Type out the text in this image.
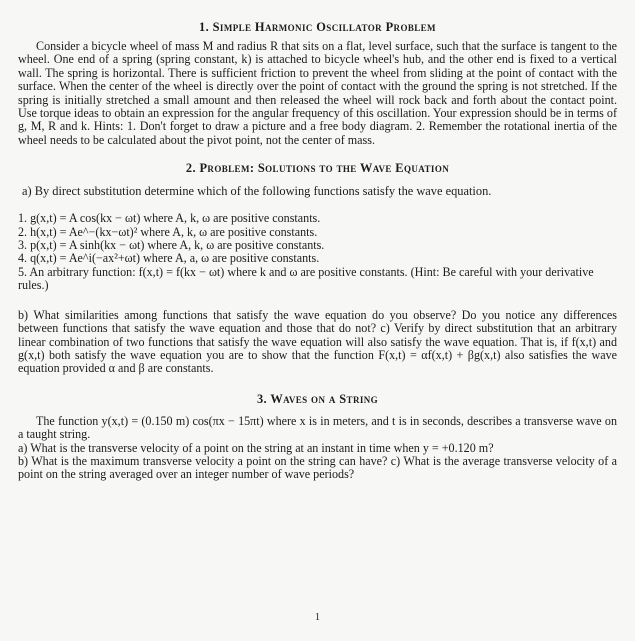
1. Simple Harmonic Oscillator Problem

Consider a bicycle wheel of mass M and radius R that sits on a flat, level surface, such that the surface is tangent to the wheel. One end of a spring (spring constant, k) is attached to bicycle wheel's hub, and the other end is fixed to a vertical wall. The spring is horizontal. There is sufficient friction to prevent the wheel from sliding at the point of contact with the surface. When the center of the wheel is directly over the point of contact with the ground the spring is not stretched. If the spring is initially stretched a small amount and then released the wheel will rock back and forth about the contact point. Use torque ideas to obtain an expression for the angular frequency of this oscillation. Your expression should be in terms of g, M, R and k. Hints: 1. Don't forget to draw a picture and a free body diagram. 2. Remember the rotational inertia of the wheel needs to be calculated about the pivot point, not the center of mass.

2. Problem: Solutions to the Wave Equation

a) By direct substitution determine which of the following functions satisfy the wave equation.

1. g(x,t) = A cos(kx − ωt) where A, k, ω are positive constants.
2. h(x,t) = Ae^−(kx−ωt)² where A, k, ω are positive constants.
3. p(x,t) = A sinh(kx − ωt) where A, k, ω are positive constants.
4. q(x,t) = Ae^i(−ax²+ωt) where A, a, ω are positive constants.
5. An arbitrary function: f(x,t) = f(kx − ωt) where k and ω are positive constants. (Hint: Be careful with your derivative rules.)

b) What similarities among functions that satisfy the wave equation do you observe? Do you notice any differences between functions that satisfy the wave equation and those that do not? c) Verify by direct substitution that an arbitrary linear combination of two functions that satisfy the wave equation will also satisfy the wave equation. That is, if f(x,t) and g(x,t) both satisfy the wave equation you are to show that the function F(x,t) = αf(x,t) + βg(x,t) also satisfies the wave equation provided α and β are constants.

3. Waves on a String

The function y(x,t) = (0.150 m) cos(πx − 15πt) where x is in meters, and t is in seconds, describes a transverse wave on a taught string.

a) What is the transverse velocity of a point on the string at an instant in time when y = +0.120 m?

b) What is the maximum transverse velocity a point on the string can have? c) What is the average transverse velocity of a point on the string averaged over an integer number of wave periods?

1
